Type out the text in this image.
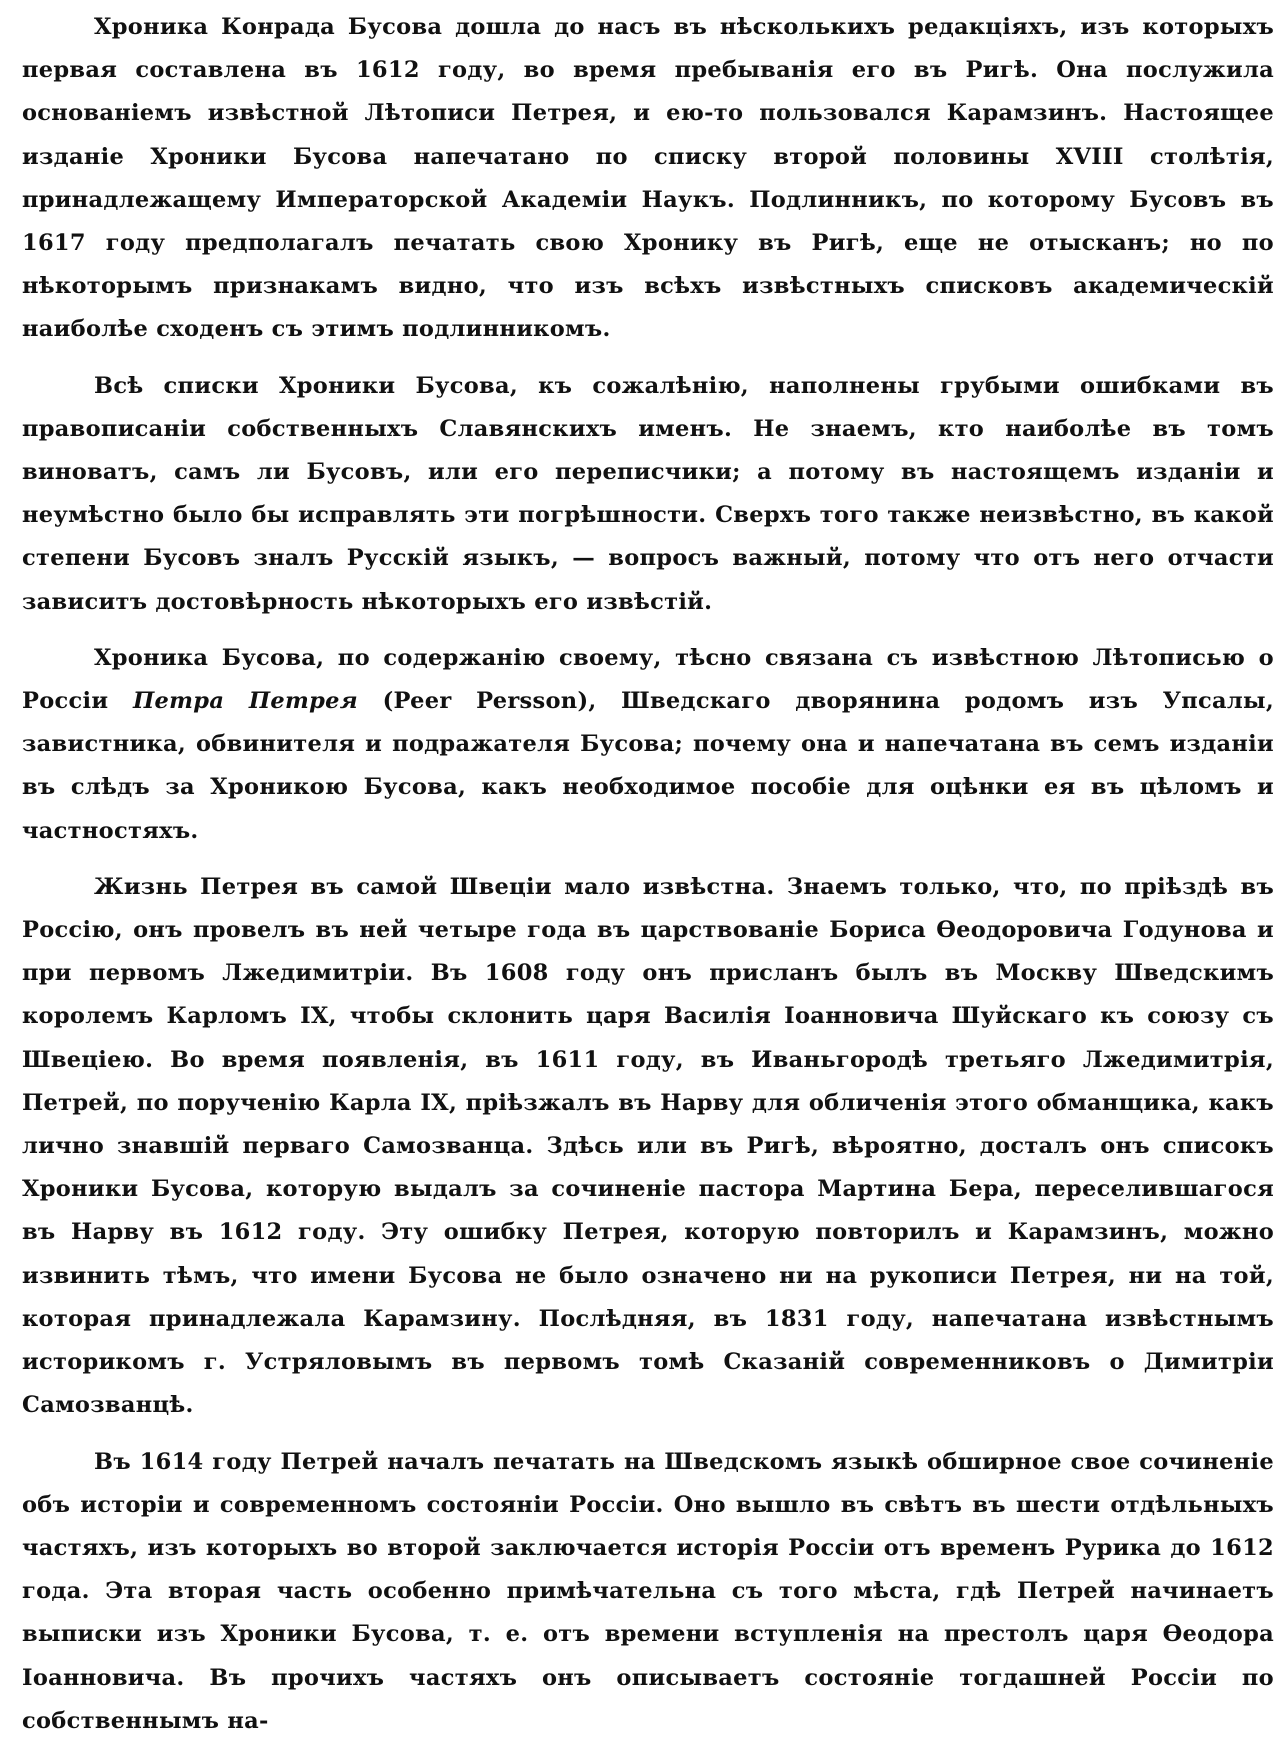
Хроника Конрада Бусова дошла до насъ въ нѣсколькихъ редакціяхъ, изъ которыхъ первая составлена въ 1612 году, во время пребыванія его въ Ригѣ. Она послужила основаніемъ извѣстной Лѣтописи Петрея, и ею-то пользовался Карамзинъ. Настоящее изданіе Хроники Бусова напечатано по списку второй половины XVIII столѣтія, принадлежащему Императорской Академіи Наукъ. Подлинникъ, по которому Бусовъ въ 1617 году предполагалъ печатать свою Хронику въ Ригѣ, еще не отысканъ; но по нѣкоторымъ признакамъ видно, что изъ всѣхъ извѣстныхъ списковъ академическій наиболѣе сходенъ съ этимъ подлинникомъ.

Всѣ списки Хроники Бусова, къ сожалѣнію, наполнены грубыми ошибками въ правописаніи собственныхъ Славянскихъ именъ. Не знаемъ, кто наиболѣе въ томъ виноватъ, самъ ли Бусовъ, или его переписчики; а потому въ настоящемъ изданіи и неумѣстно было бы исправлять эти погрѣшности. Сверхъ того также неизвѣстно, въ какой степени Бусовъ зналъ Русскій языкъ, — вопросъ важный, потому что отъ него отчасти зависитъ достовѣрность нѣкоторыхъ его извѣстій.

Хроника Бусова, по содержанію своему, тѣсно связана съ извѣстною Лѣтописью о Россіи Петра Петрея (Peer Persson), Шведскаго дворянина родомъ изъ Упсалы, завистника, обвинителя и подражателя Бусова; почему она и напечатана въ семъ изданіи въ слѣдъ за Хроникою Бусова, какъ необходимое пособіе для оцѣнки ея въ цѣломъ и частностяхъ.

Жизнь Петрея въ самой Швеціи мало извѣстна. Знаемъ только, что, по пріѣздѣ въ Россію, онъ провелъ въ ней четыре года въ царствованіе Бориса Ѳеодоровича Годунова и при первомъ Лжедимитріи. Въ 1608 году онъ присланъ былъ въ Москву Шведскимъ королемъ Карломъ IX, чтобы склонить царя Василія Іоанновича Шуйскаго къ союзу съ Швеціею. Во время появленія, въ 1611 году, въ Иваньгородѣ третьяго Лжедимитрія, Петрей, по порученію Карла IX, пріѣзжалъ въ Нарву для обличенія этого обманщика, какъ лично знавшій перваго Самозванца. Здѣсь или въ Ригѣ, вѣроятно, досталъ онъ списокъ Хроники Бусова, которую выдалъ за сочиненіе пастора Мартина Бера, переселившагося въ Нарву въ 1612 году. Эту ошибку Петрея, которую повторилъ и Карамзинъ, можно извинить тѣмъ, что имени Бусова не было означено ни на рукописи Петрея, ни на той, которая принадлежала Карамзину. Послѣдняя, въ 1831 году, напечатана извѣстнымъ историкомъ г. Устряловымъ въ первомъ томѣ Сказаній современниковъ о Димитріи Самозванцѣ.

Въ 1614 году Петрей началъ печатать на Шведскомъ языкѣ обширное свое сочиненіе объ исторіи и современномъ состояніи Россіи. Оно вышло въ свѣтъ въ шести отдѣльныхъ частяхъ, изъ которыхъ во второй заключается исторія Россіи отъ временъ Рурика до 1612 года. Эта вторая часть особенно примѣчательна съ того мѣста, гдѣ Петрей начинаетъ выписки изъ Хроники Бусова, т. е. отъ времени вступленія на престолъ царя Ѳеодора Іоанновича. Въ прочихъ частяхъ онъ описываетъ состояніе тогдашней Россіи по собственнымъ на-
